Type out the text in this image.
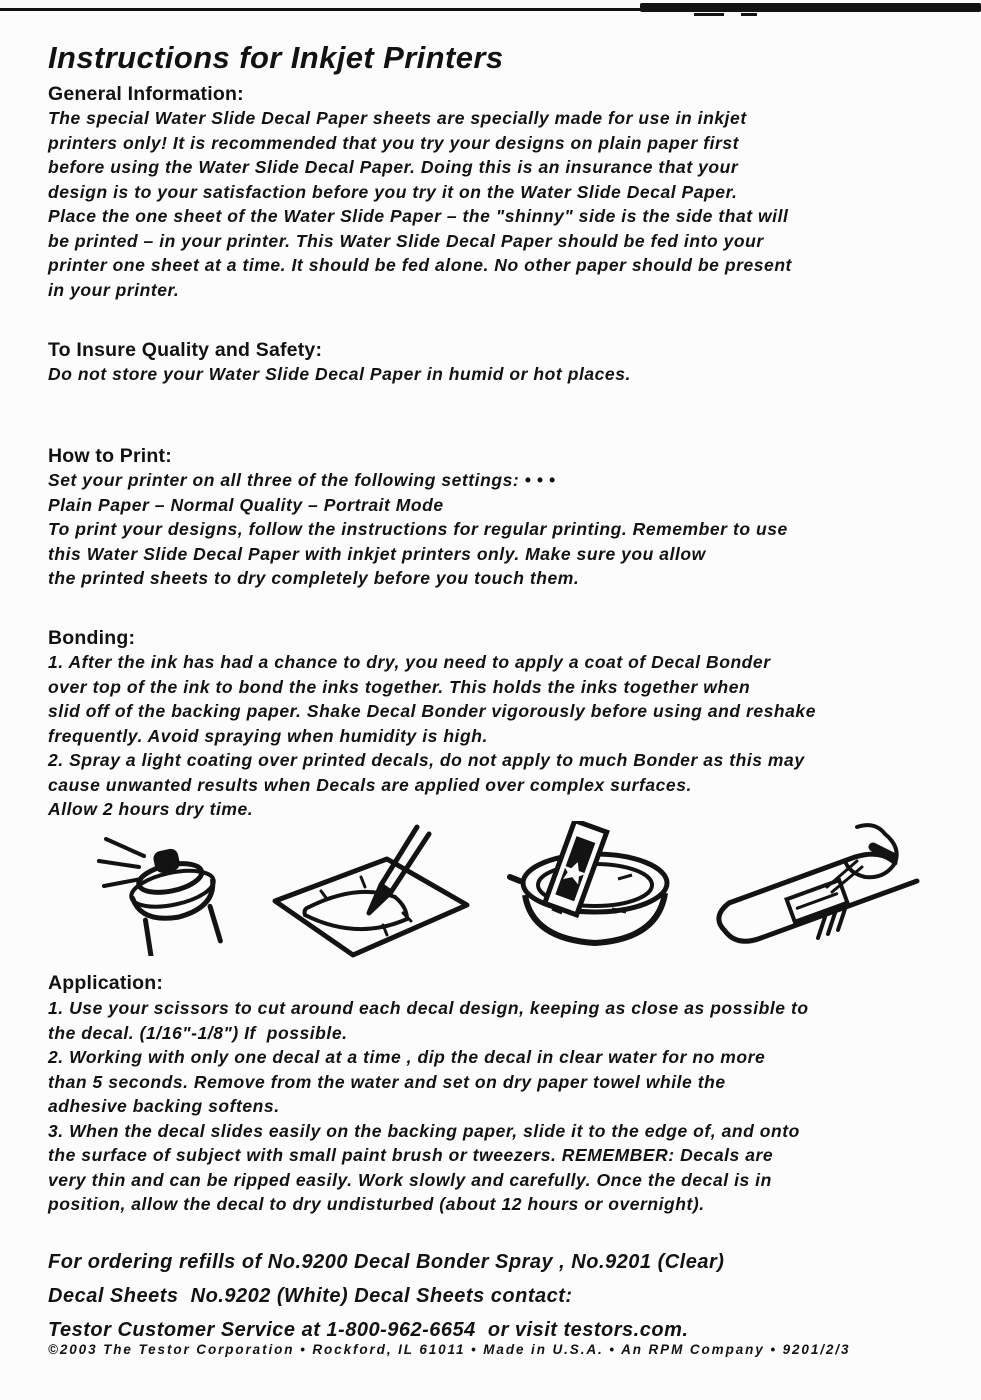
Instructions for Inkjet Printers
General Information:
The special Water Slide Decal Paper sheets are specially made for use in inkjet
printers only! It is recommended that you try your designs on plain paper first
before using the Water Slide Decal Paper. Doing this is an insurance that your
design is to your satisfaction before you try it on the Water Slide Decal Paper.
Place the one sheet of the Water Slide Paper – the "shinny" side is the side that will
be printed – in your printer. This Water Slide Decal Paper should be fed into your
printer one sheet at a time. It should be fed alone. No other paper should be present
in your printer.
To Insure Quality and Safety:
Do not store your Water Slide Decal Paper in humid or hot places.
How to Print:
Set your printer on all three of the following settings: • • •
Plain Paper – Normal Quality – Portrait Mode
To print your designs, follow the instructions for regular printing. Remember to use
this Water Slide Decal Paper with inkjet printers only. Make sure you allow
the printed sheets to dry completely before you touch them.
Bonding:
1. After the ink has had a chance to dry, you need to apply a coat of Decal Bonder
over top of the ink to bond the inks together. This holds the inks together when
slid off of the backing paper. Shake Decal Bonder vigorously before using and reshake
frequently. Avoid spraying when humidity is high.
2. Spray a light coating over printed decals, do not apply to much Bonder as this may
cause unwanted results when Decals are applied over complex surfaces.
Allow 2 hours dry time.
Application:
1. Use your scissors to cut around each decal design, keeping as close as possible to
the decal. (1/16"-1/8") If  possible.
2. Working with only one decal at a time , dip the decal in clear water for no more
than 5 seconds. Remove from the water and set on dry paper towel while the
adhesive backing softens.
3. When the decal slides easily on the backing paper, slide it to the edge of, and onto
the surface of subject with small paint brush or tweezers. REMEMBER: Decals are
very thin and can be ripped easily. Work slowly and carefully. Once the decal is in
position, allow the decal to dry undisturbed (about 12 hours or overnight).
For ordering refills of No.9200 Decal Bonder Spray , No.9201 (Clear)
Decal Sheets  No.9202 (White) Decal Sheets contact:
Testor Customer Service at 1-800-962-6654  or visit testors.com.
©2003 The Testor Corporation • Rockford, IL 61011 • Made in U.S.A. • An RPM Company • 9201/2/3
